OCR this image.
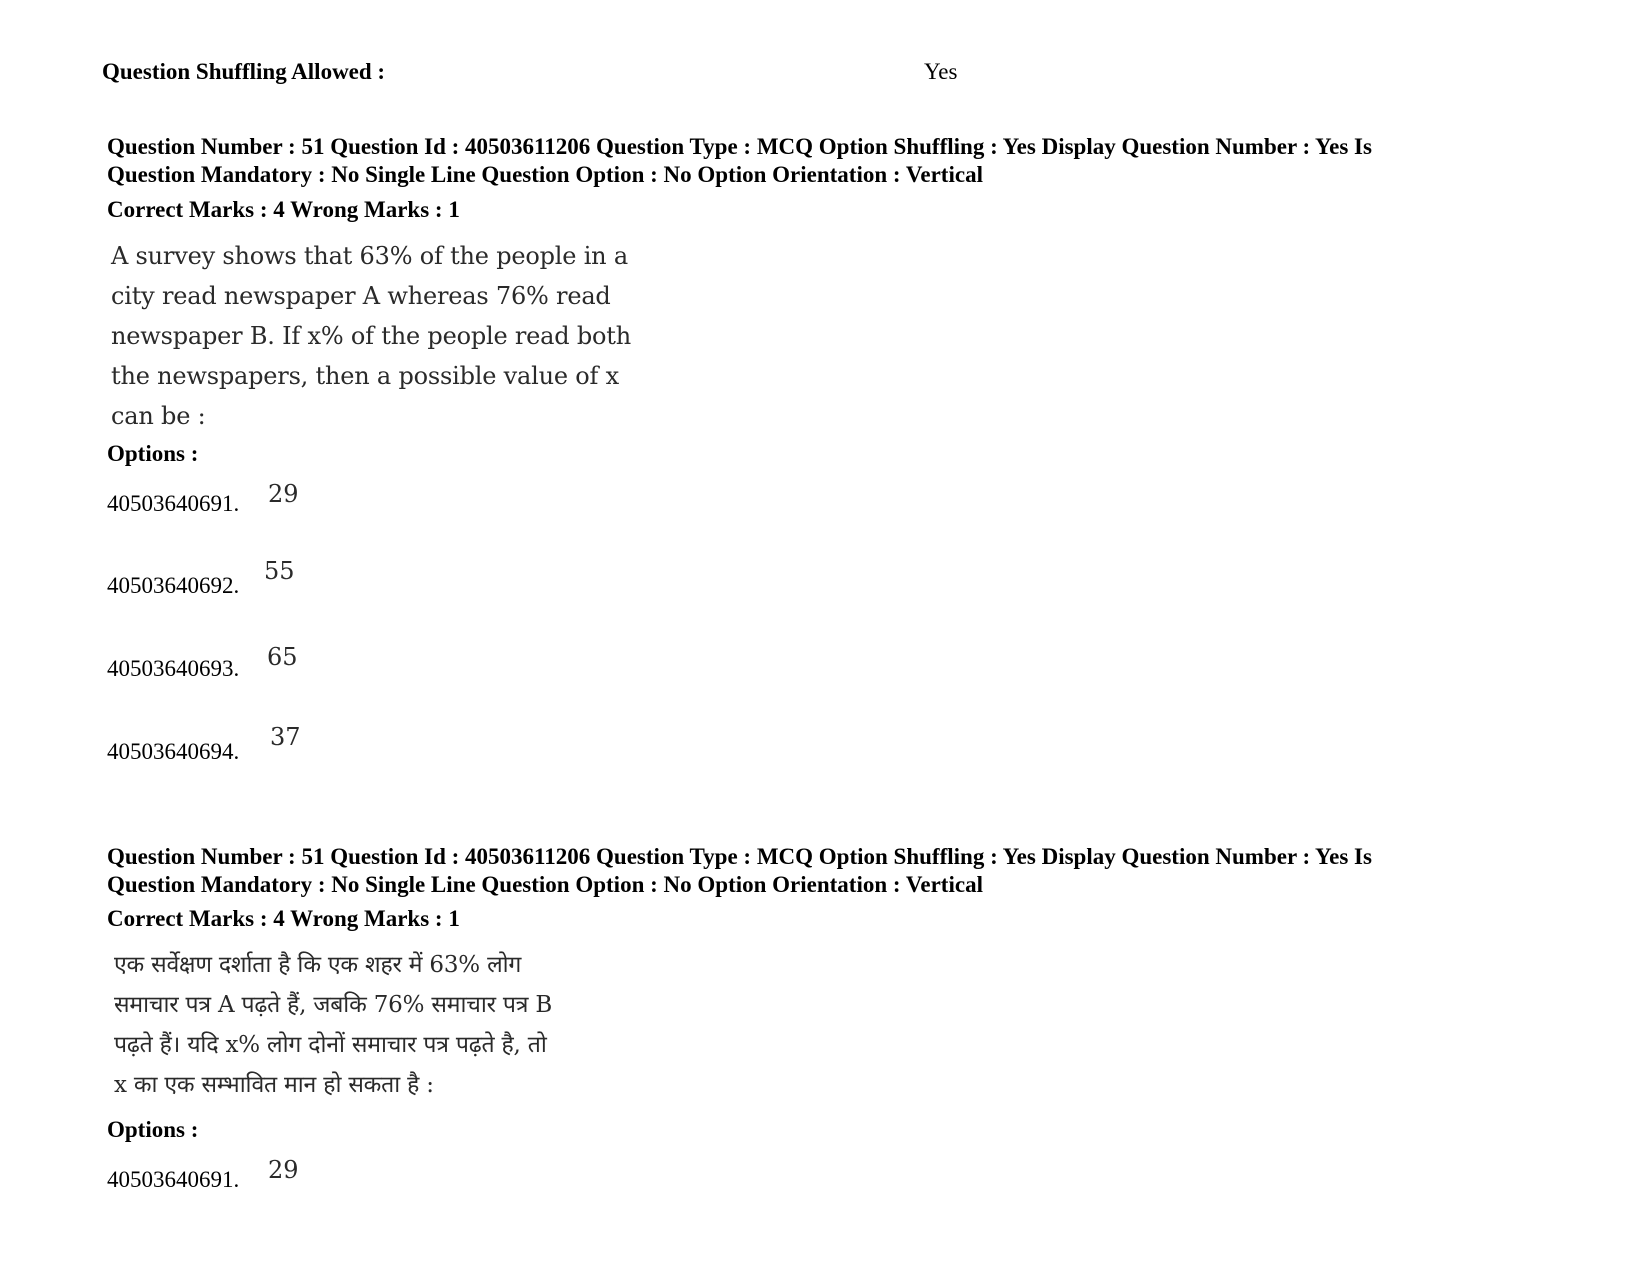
Question Shuffling Allowed :	Yes
Question Number : 51 Question Id : 40503611206 Question Type : MCQ Option Shuffling : Yes Display Question Number : Yes Is
Question Mandatory : No Single Line Question Option : No Option Orientation : Vertical
Correct Marks : 4 Wrong Marks : 1
A survey shows that 63% of the people in a
city read newspaper A whereas 76% read
newspaper B. If x% of the people read both
the newspapers, then a possible value of x
can be :
Options :
40503640691. 29
40503640692.
55
40503640693. 65
40503640694.
37
Question Number : 51 Question Id : 40503611206 Question Type : MCQ Option Shuffling : Yes Display Question Number : Yes Is
Question Mandatory : No Single Line Question Option : No Option Orientation : Vertical
Correct Marks : 4 Wrong Marks : 1
एक सर्वेक्षण दर्शाता है कि एक शहर में 63% लोग
समाचार पत्र A पढ़ते हैं, जबकि 76% समाचार पत्र B
पढ़ते हैं। यदि x% लोग दोनों समाचार पत्र पढ़ते है, तो
x का एक सम्भावित मान हो सकता है :
Options :
40503640691. 29
